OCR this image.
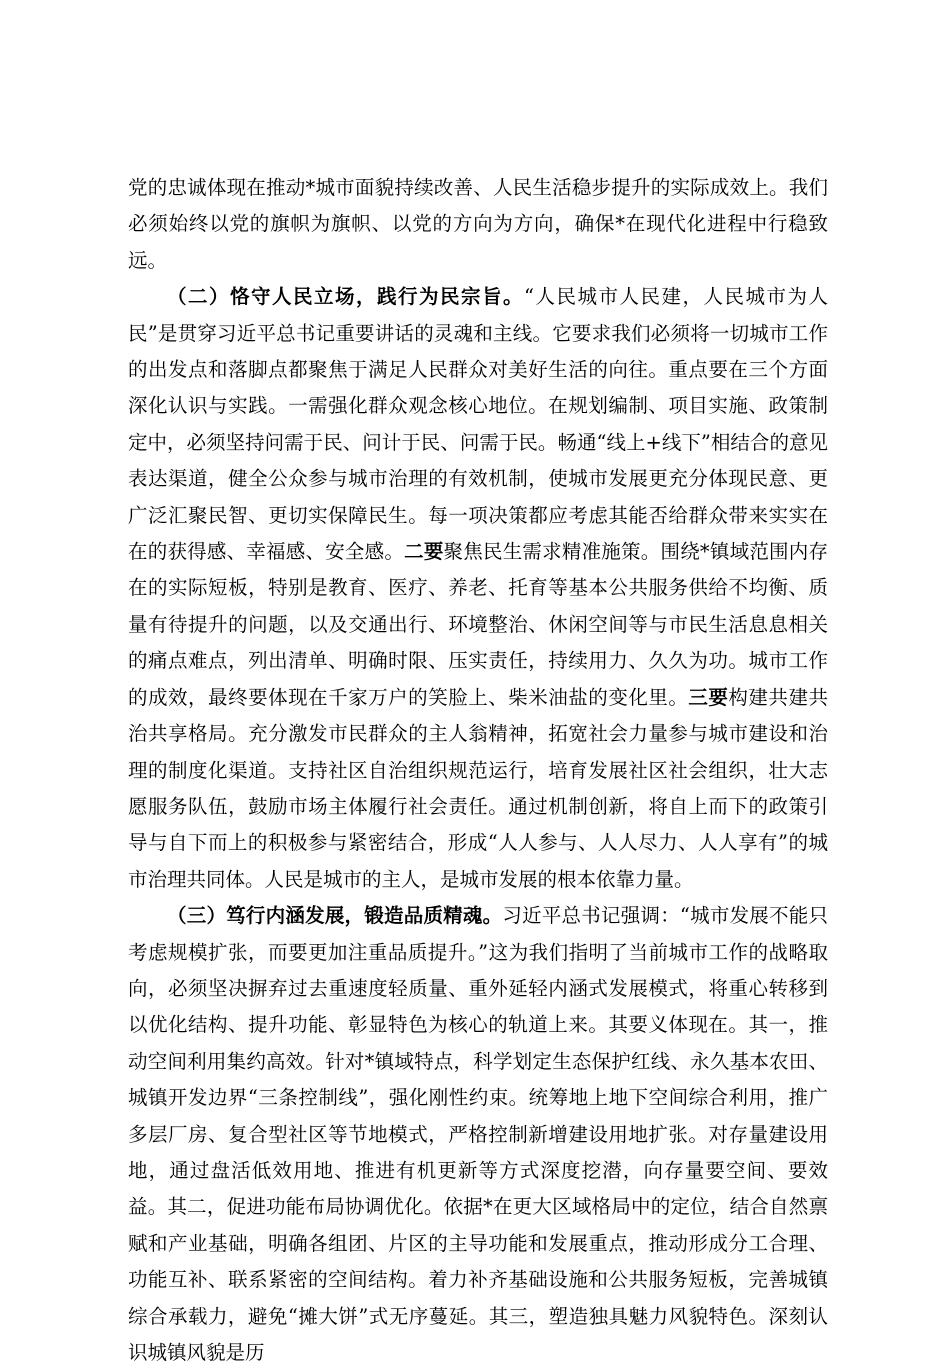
党的忠诚体现在推动*城市面貌持续改善、人民生活稳步提升的实际成效上。我们必须始终以党的旗帜为旗帜、以党的方向为方向，确保*在现代化进程中行稳致远。

（二）恪守人民立场，践行为民宗旨。“人民城市人民建，人民城市为人民”是贯穿习近平总书记重要讲话的灵魂和主线。它要求我们必须将一切城市工作的出发点和落脚点都聚焦于满足人民群众对美好生活的向往。重点要在三个方面深化认识与实践。一需强化群众观念核心地位。在规划编制、项目实施、政策制定中，必须坚持问需于民、问计于民、问需于民。畅通“线上+线下”相结合的意见表达渠道，健全公众参与城市治理的有效机制，使城市发展更充分体现民意、更广泛汇聚民智、更切实保障民生。每一项决策都应考虑其能否给群众带来实实在在的获得感、幸福感、安全感。二要聚焦民生需求精准施策。围绕*镇域范围内存在的实际短板，特别是教育、医疗、养老、托育等基本公共服务供给不均衡、质量有待提升的问题，以及交通出行、环境整治、休闲空间等与市民生活息息相关的痛点难点，列出清单、明确时限、压实责任，持续用力、久久为功。城市工作的成效，最终要体现在千家万户的笑脸上、柴米油盐的变化里。三要构建共建共治共享格局。充分激发市民群众的主人翁精神，拓宽社会力量参与城市建设和治理的制度化渠道。支持社区自治组织规范运行，培育发展社区社会组织，壮大志愿服务队伍，鼓励市场主体履行社会责任。通过机制创新，将自上而下的政策引导与自下而上的积极参与紧密结合，形成“人人参与、人人尽力、人人享有”的城市治理共同体。人民是城市的主人，是城市发展的根本依靠力量。

（三）笃行内涵发展，锻造品质精魂。习近平总书记强调：“城市发展不能只考虑规模扩张，而要更加注重品质提升。”这为我们指明了当前城市工作的战略取向，必须坚决摒弃过去重速度轻质量、重外延轻内涵式发展模式，将重心转移到以优化结构、提升功能、彰显特色为核心的轨道上来。其要义体现在。其一，推动空间利用集约高效。针对*镇域特点，科学划定生态保护红线、永久基本农田、城镇开发边界“三条控制线”，强化刚性约束。统筹地上地下空间综合利用，推广多层厂房、复合型社区等节地模式，严格控制新增建设用地扩张。对存量建设用地，通过盘活低效用地、推进有机更新等方式深度挖潜，向存量要空间、要效益。其二，促进功能布局协调优化。依据*在更大区域格局中的定位，结合自然禀赋和产业基础，明确各组团、片区的主导功能和发展重点，推动形成分工合理、功能互补、联系紧密的空间结构。着力补齐基础设施和公共服务短板，完善城镇综合承载力，避免“摊大饼”式无序蔓延。其三，塑造独具魅力风貌特色。深刻认识城镇风貌是历
